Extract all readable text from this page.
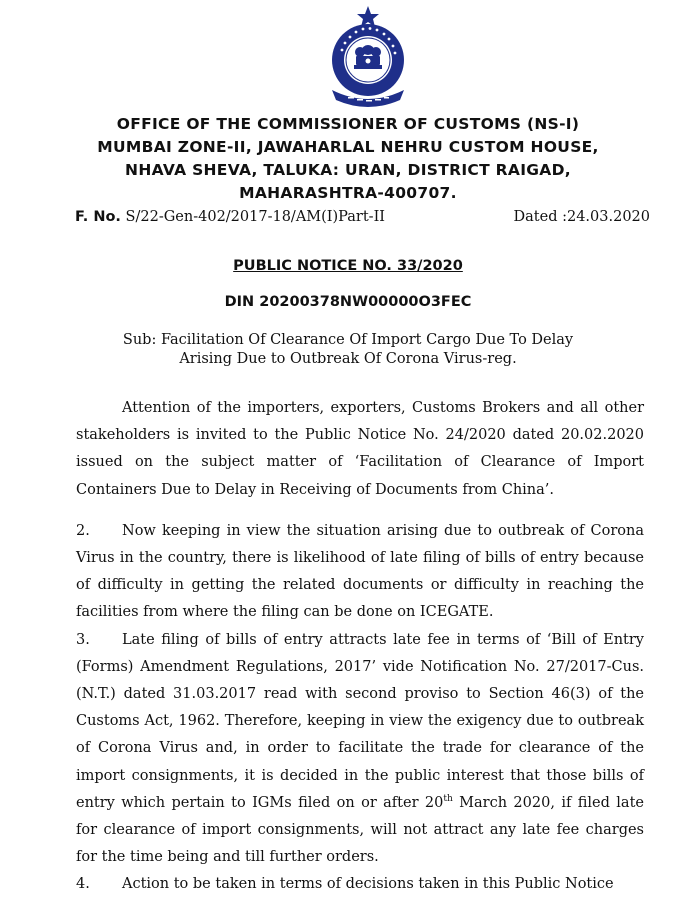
OFFICE OF THE COMMISSIONER OF CUSTOMS (NS-I)
MUMBAI ZONE-II, JAWAHARLAL NEHRU CUSTOM HOUSE,
NHAVA SHEVA, TALUKA: URAN, DISTRICT RAIGAD,
MAHARASHTRA-400707.
F. No. S/22-Gen-402/2017-18/AM(I)Part-II	Dated :24.03.2020
PUBLIC NOTICE NO. 33/2020
DIN 20200378NW00000O3FEC
Sub: Facilitation Of Clearance Of Import Cargo Due To Delay
Arising Due to Outbreak Of Corona Virus-reg.

Attention of the importers, exporters, Customs Brokers and all other stakeholders is invited to the Public Notice No. 24/2020 dated 20.02.2020 issued on the subject matter of ‘Facilitation of Clearance of Import Containers Due to Delay in Receiving of Documents from China’.

2. Now keeping in view the situation arising due to outbreak of Corona Virus in the country, there is likelihood of late filing of bills of entry because of difficulty in getting the related documents or difficulty in reaching the facilities from where the filing can be done on ICEGATE.

3. Late filing of bills of entry attracts late fee in terms of ‘Bill of Entry (Forms) Amendment Regulations, 2017’ vide Notification No. 27/2017-Cus.(N.T.) dated 31.03.2017 read with second proviso to Section 46(3) of the Customs Act, 1962. Therefore, keeping in view the exigency due to outbreak of Corona Virus and, in order to facilitate the trade for clearance of the import consignments, it is decided in the public interest that those bills of entry which pertain to IGMs filed on or after 20th March 2020, if filed late for clearance of import consignments, will not attract any late fee charges for the time being and till further orders.

4. Action to be taken in terms of decisions taken in this Public Notice
